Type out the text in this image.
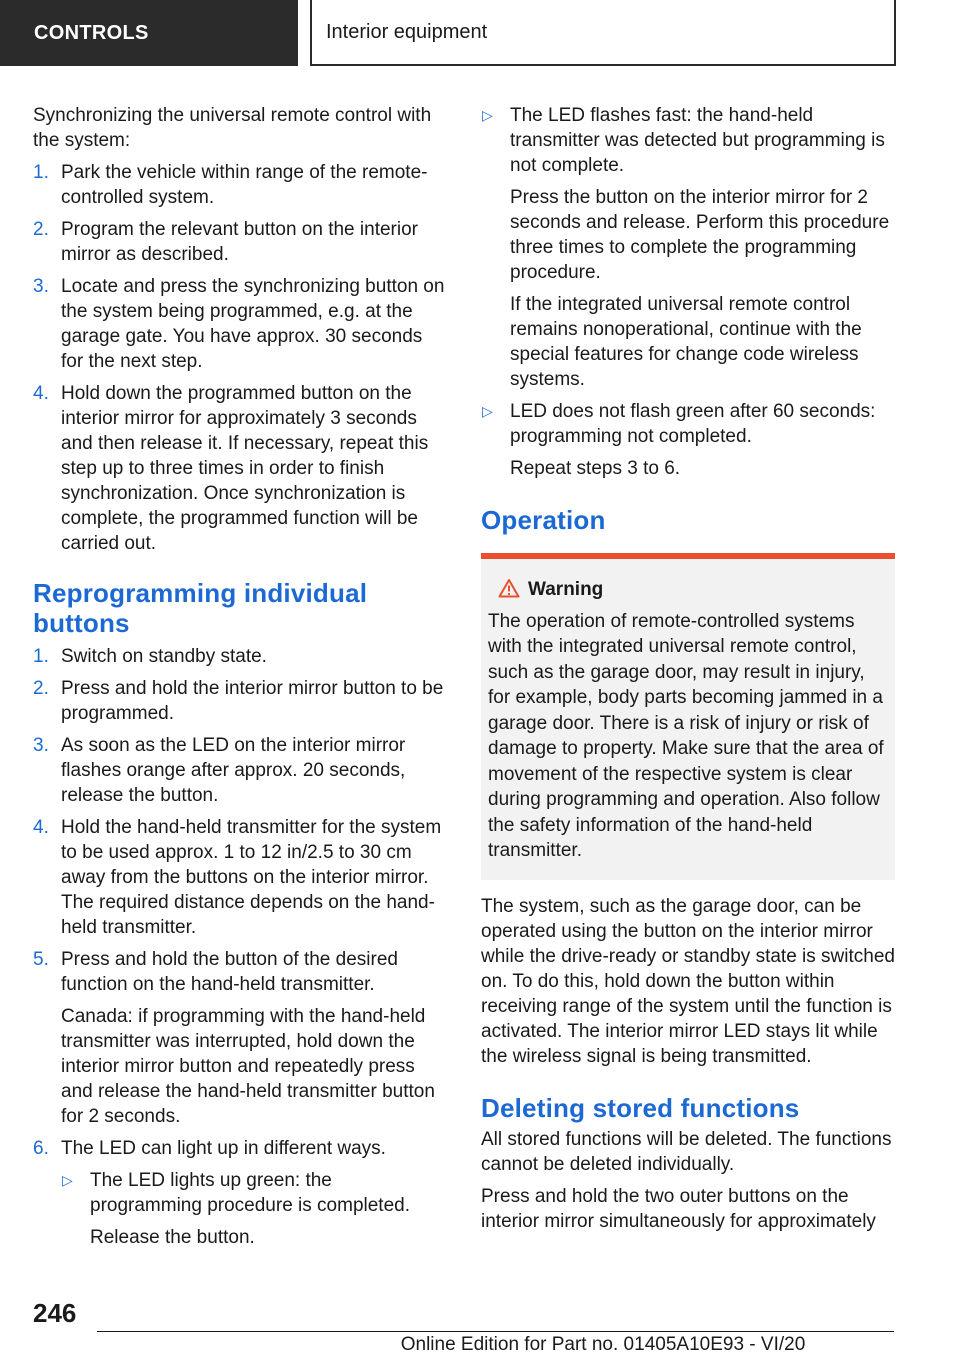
CONTROLS	Interior equipment

Synchronizing the universal remote control with the system:

1. Park the vehicle within range of the remote-controlled system.

2. Program the relevant button on the interior mirror as described.

3. Locate and press the synchronizing button on the system being programmed, e.g. at the garage gate. You have approx. 30 seconds for the next step.

4. Hold down the programmed button on the interior mirror for approximately 3 seconds and then release it. If necessary, repeat this step up to three times in order to finish synchronization. Once synchronization is complete, the programmed function will be carried out.

Reprogramming individual buttons
1. Switch on standby state.

2. Press and hold the interior mirror button to be programmed.

3. As soon as the LED on the interior mirror flashes orange after approx. 20 seconds, release the button.

4. Hold the hand-held transmitter for the system to be used approx. 1 to 12 in/2.5 to 30 cm away from the buttons on the interior mirror. The required distance depends on the hand-held transmitter.

5. Press and hold the button of the desired function on the hand-held transmitter.

Canada: if programming with the hand-held transmitter was interrupted, hold down the interior mirror button and repeatedly press and release the hand-held transmitter button for 2 seconds.

6. The LED can light up in different ways.

▷ The LED lights up green: the programming procedure is completed.

Release the button.

▷ The LED flashes fast: the hand-held transmitter was detected but programming is not complete.

Press the button on the interior mirror for 2 seconds and release. Perform this procedure three times to complete the programming procedure.

If the integrated universal remote control remains nonoperational, continue with the special features for change code wireless systems.

▷ LED does not flash green after 60 seconds: programming not completed.

Repeat steps 3 to 6.

Operation
Warning
The operation of remote-controlled systems with the integrated universal remote control, such as the garage door, may result in injury, for example, body parts becoming jammed in a garage door. There is a risk of injury or risk of damage to property. Make sure that the area of movement of the respective system is clear during programming and operation. Also follow the safety information of the hand-held transmitter.

The system, such as the garage door, can be operated using the button on the interior mirror while the drive-ready or standby state is switched on. To do this, hold down the button within receiving range of the system until the function is activated. The interior mirror LED stays lit while the wireless signal is being transmitted.

Deleting stored functions

All stored functions will be deleted. The functions cannot be deleted individually.

Press and hold the two outer buttons on the interior mirror simultaneously for approximately

246
Online Edition for Part no. 01405A10E93 - VI/20
